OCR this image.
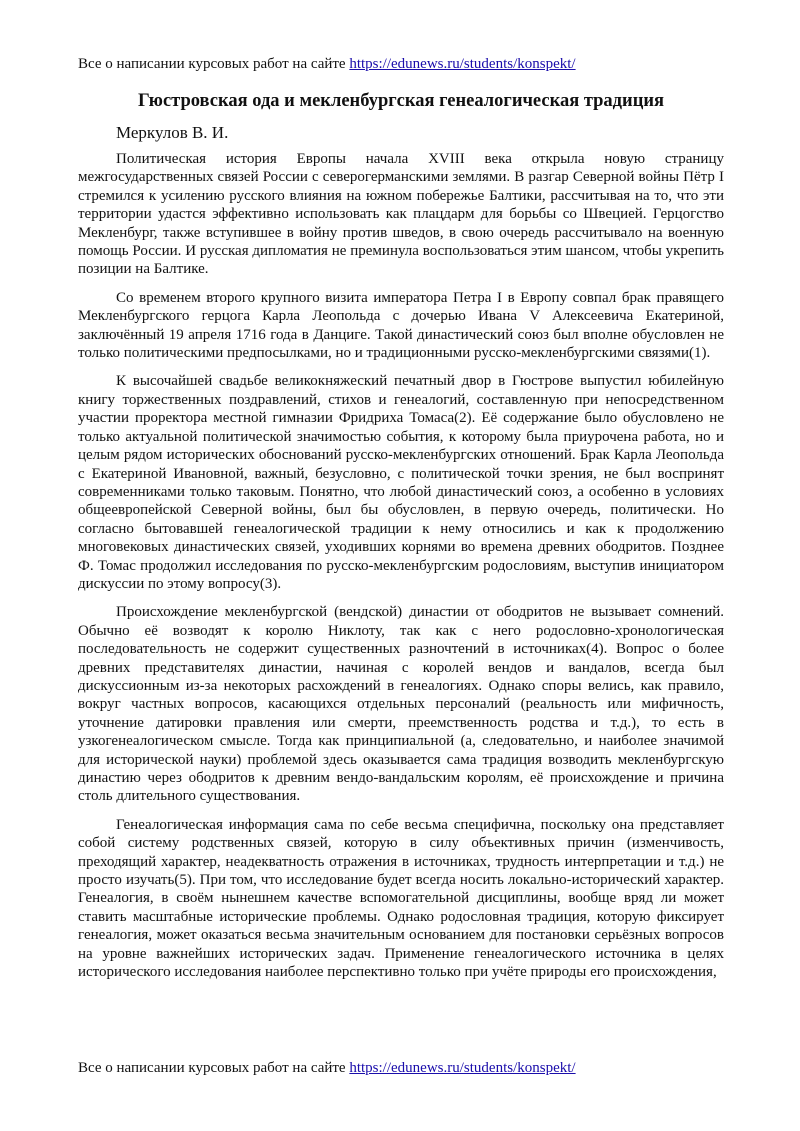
Все о написании курсовых работ на сайте https://edunews.ru/students/konspekt/
Гюстровская ода и мекленбургская генеалогическая традиция
Меркулов В. И.

Политическая история Европы начала XVIII века открыла новую страницу межгосударственных связей России с северогерманскими землями. В разгар Северной войны Пётр I стремился к усилению русского влияния на южном побережье Балтики, рассчитывая на то, что эти территории удастся эффективно использовать как плацдарм для борьбы со Швецией. Герцогство Мекленбург, также вступившее в войну против шведов, в свою очередь рассчитывало на военную помощь России. И русская дипломатия не преминула воспользоваться этим шансом, чтобы укрепить позиции на Балтике.

Со временем второго крупного визита императора Петра I в Европу совпал брак правящего Мекленбургского герцога Карла Леопольда с дочерью Ивана V Алексеевича Екатериной, заключённый 19 апреля 1716 года в Данциге. Такой династический союз был вполне обусловлен не только политическими предпосылками, но и традиционными русско-мекленбургскими связями(1).

К высочайшей свадьбе великокняжеский печатный двор в Гюстрове выпустил юбилейную книгу торжественных поздравлений, стихов и генеалогий, составленную при непосредственном участии проректора местной гимназии Фридриха Томаса(2). Её содержание было обусловлено не только актуальной политической значимостью события, к которому была приурочена работа, но и целым рядом исторических обоснований русско-мекленбургских отношений. Брак Карла Леопольда с Екатериной Ивановной, важный, безусловно, с политической точки зрения, не был воспринят современниками только таковым. Понятно, что любой династический союз, а особенно в условиях общеевропейской Северной войны, был бы обусловлен, в первую очередь, политически. Но согласно бытовавшей генеалогической традиции к нему относились и как к продолжению многовековых династических связей, уходивших корнями во времена древних ободритов. Позднее Ф. Томас продолжил исследования по русско-мекленбургским родословиям, выступив инициатором дискуссии по этому вопросу(3).

Происхождение мекленбургской (вендской) династии от ободритов не вызывает сомнений. Обычно её возводят к королю Никлоту, так как с него родословно-хронологическая последовательность не содержит существенных разночтений в источниках(4). Вопрос о более древних представителях династии, начиная с королей вендов и вандалов, всегда был дискуссионным из-за некоторых расхождений в генеалогиях. Однако споры велись, как правило, вокруг частных вопросов, касающихся отдельных персоналий (реальность или мифичность, уточнение датировки правления или смерти, преемственность родства и т.д.), то есть в узкогенеалогическом смысле. Тогда как принципиальной (а, следовательно, и наиболее значимой для исторической науки) проблемой здесь оказывается сама традиция возводить мекленбургскую династию через ободритов к древним вендо-вандальским королям, её происхождение и причина столь длительного существования.

Генеалогическая информация сама по себе весьма специфична, поскольку она представляет собой систему родственных связей, которую в силу объективных причин (изменчивость, преходящий характер, неадекватность отражения в источниках, трудность интерпретации и т.д.) не просто изучать(5). При том, что исследование будет всегда носить локально-исторический характер. Генеалогия, в своём нынешнем качестве вспомогательной дисциплины, вообще вряд ли может ставить масштабные исторические проблемы. Однако родословная традиция, которую фиксирует генеалогия, может оказаться весьма значительным основанием для постановки серьёзных вопросов на уровне важнейших исторических задач. Применение генеалогического источника в целях исторического исследования наиболее перспективно только при учёте природы его происхождения,

Все о написании курсовых работ на сайте https://edunews.ru/students/konspekt/
